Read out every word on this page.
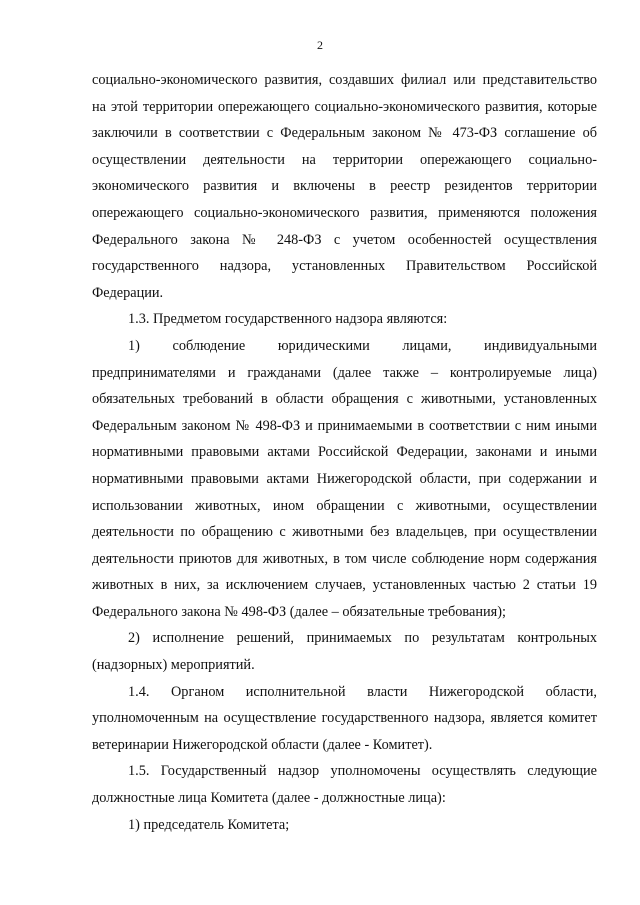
2

социально-экономического развития, создавших филиал или представительство на этой территории опережающего социально-экономического развития, которые заключили в соответствии с Федеральным законом № 473-ФЗ соглашение об осуществлении деятельности на территории опережающего социально-экономического развития и включены в реестр резидентов территории опережающего социально-экономического развития, применяются положения Федерального закона № 248-ФЗ с учетом особенностей осуществления государственного надзора, установленных Правительством Российской Федерации.

1.3. Предметом государственного надзора являются:

1) соблюдение юридическими лицами, индивидуальными предпринимателями и гражданами (далее также – контролируемые лица) обязательных требований в области обращения с животными, установленных Федеральным законом № 498-ФЗ и принимаемыми в соответствии с ним иными нормативными правовыми актами Российской Федерации, законами и иными нормативными правовыми актами Нижегородской области, при содержании и использовании животных, ином обращении с животными, осуществлении деятельности по обращению с животными без владельцев, при осуществлении деятельности приютов для животных, в том числе соблюдение норм содержания животных в них, за исключением случаев, установленных частью 2 статьи 19 Федерального закона № 498-ФЗ (далее – обязательные требования);

2) исполнение решений, принимаемых по результатам контрольных (надзорных) мероприятий.

1.4. Органом исполнительной власти Нижегородской области, уполномоченным на осуществление государственного надзора, является комитет ветеринарии Нижегородской области (далее - Комитет).

1.5. Государственный надзор уполномочены осуществлять следующие должностные лица Комитета (далее - должностные лица):

1) председатель Комитета;
